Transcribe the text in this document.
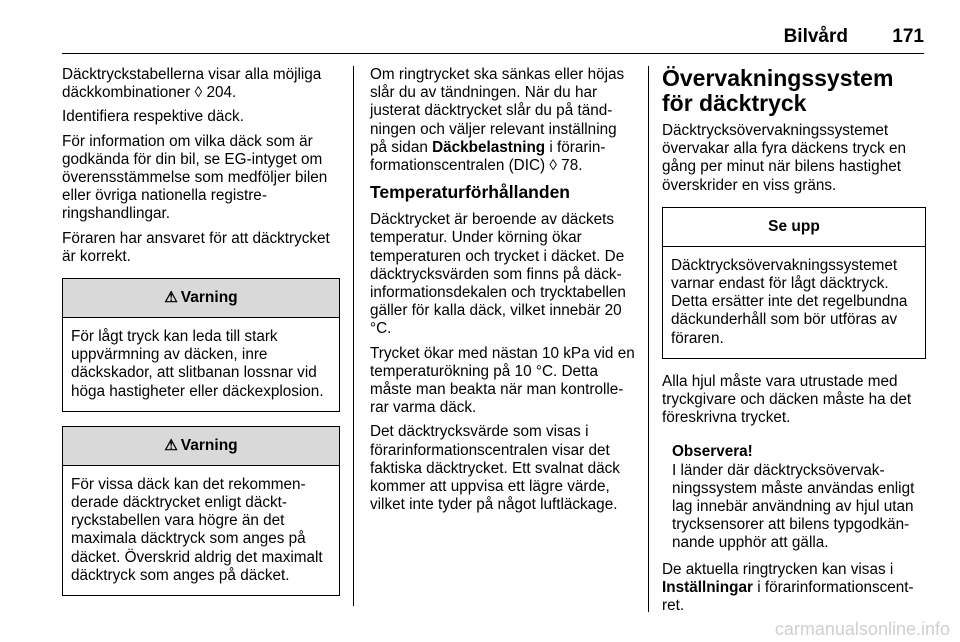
Bilvård 171

Däcktryckstabellerna visar alla möjliga däckkombinationer ◊ 204.

Identifiera respektive däck.

För information om vilka däck som är godkända för din bil, se EG-intyget om överensstämmelse som medföljer bilen eller övriga nationella registreringshandlingar.

Föraren har ansvaret för att däcktrycket är korrekt.

⚠ Varning
För lågt tryck kan leda till stark uppvärmning av däcken, inre däckskador, att slitbanan lossnar vid höga hastigheter eller däckexplosion.
⚠ Varning
För vissa däck kan det rekommenderade däcktrycket enligt däcktryckstabellen vara högre än det maximala däcktryck som anges på däcket. Överskrid aldrig det maximalt däcktryck som anges på däcket.

Om ringtrycket ska sänkas eller höjas slår du av tändningen. När du har justerat däcktrycket slår du på tändningen och väljer relevant inställning på sidan Däckbelastning i förarinformationscentralen (DIC) ◊ 78.

Temperaturförhållanden

Däcktrycket är beroende av däckets temperatur. Under körning ökar temperaturen och trycket i däcket. De däcktrycksvärden som finns på däckinformationsdekalen och trycktabellen gäller för kalla däck, vilket innebär 20 °C.

Trycket ökar med nästan 10 kPa vid en temperaturökning på 10 °C. Detta måste man beakta när man kontrollerar varma däck.

Det däcktrycksvärde som visas i förarinformationscentralen visar det faktiska däcktrycket. Ett svalnat däck kommer att uppvisa ett lägre värde, vilket inte tyder på något luftläckage.

Övervakningssystem för däcktryck

Däcktrycksövervakningssystemet övervakar alla fyra däckens tryck en gång per minut när bilens hastighet överskrider en viss gräns.

Se upp
Däcktrycksövervakningssystemet varnar endast för lågt däcktryck. Detta ersätter inte det regelbundna däckunderhåll som bör utföras av föraren.

Alla hjul måste vara utrustade med tryckgivare och däcken måste ha det föreskrivna trycket.

Observera!
I länder där däcktrycksövervakningssystem måste användas enligt lag innebär användning av hjul utan trycksensorer att bilens typgodkännande upphör att gälla.

De aktuella ringtrycken kan visas i Inställningar i förarinformationscentret.

carmanualsonline.info
